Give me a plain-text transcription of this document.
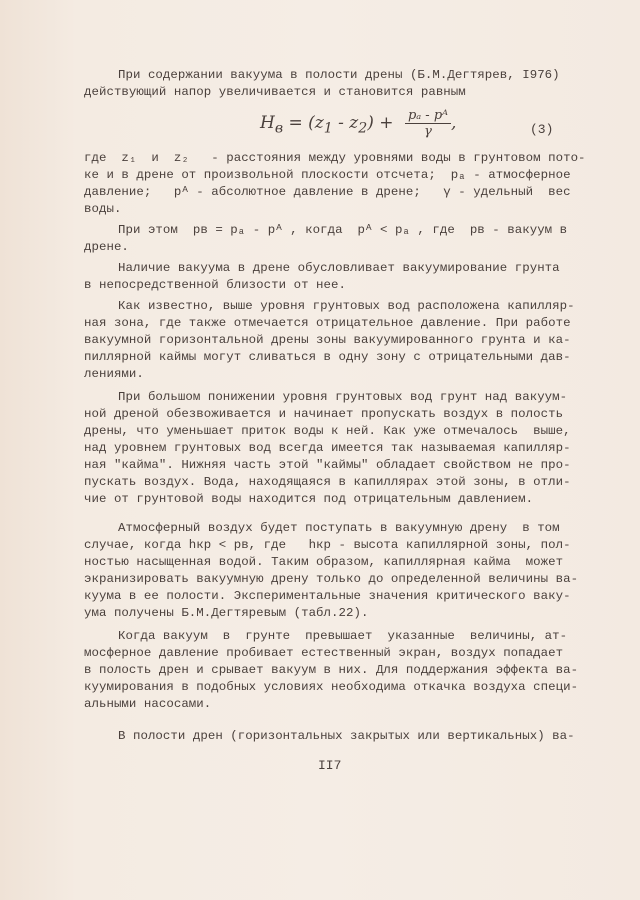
При содержании вакуума в полости дрены (Б.М.Дегтярев, I976)
действующий напор увеличивается и становится равным
$H_в = (z_1 - z_2) + \frac{\text{pₐ - pᴬ}}{\gamma}$ ,	(3)
где  z₁  и  z₂   - расстояния между уровнями воды в грунтовом пото-
ке и в дрене от произвольной плоскости отсчета;  pₐ - атмосферное
давление;   pᴬ - абсолютное давление в дрене;   γ - удельный  вес
воды.
При этом  pв = pₐ - pᴬ , когда  pᴬ < pₐ , где  pв - вакуум в
дрене.
Наличие вакуума в дрене обусловливает вакуумирование грунта
в непосредственной близости от нее.
Как известно, выше уровня грунтовых вод расположена капилляр-
ная зона, где также отмечается отрицательное давление. При работе
вакуумной горизонтальной дрены зоны вакуумированного грунта и ка-
пиллярной каймы могут сливаться в одну зону с отрицательными дав-
лениями.
При большом понижении уровня грунтовых вод грунт над вакуум-
ной дреной обезвоживается и начинает пропускать воздух в полость
дрены, что уменьшает приток воды к ней. Как уже отмечалось  выше,
над уровнем грунтовых вод всегда имеется так называемая капилляр-
ная "кайма". Нижняя часть этой "каймы" обладает свойством не про-
пускать воздух. Вода, находящаяся в капиллярах этой зоны, в отли-
чие от грунтовой воды находится под отрицательным давлением.
Атмосферный воздух будет поступать в вакуумную дрену  в том
случае, когда hкр < pв, где   hкр - высота капиллярной зоны, пол-
ностью насыщенная водой. Таким образом, капиллярная кайма  может
экранизировать вакуумную дрену только до определенной величины ва-
куума в ее полости. Экспериментальные значения критического ваку-
ума получены Б.М.Дегтяревым (табл.22).
Когда вакуум  в  грунте  превышает  указанные  величины, ат-
мосферное давление пробивает естественный экран, воздух попадает
в полость дрен и срывает вакуум в них. Для поддержания эффекта ва-
куумирования в подобных условиях необходима откачка воздуха специ-
альными насосами.
В полости дрен (горизонтальных закрытых или вертикальных) ва-
II7
